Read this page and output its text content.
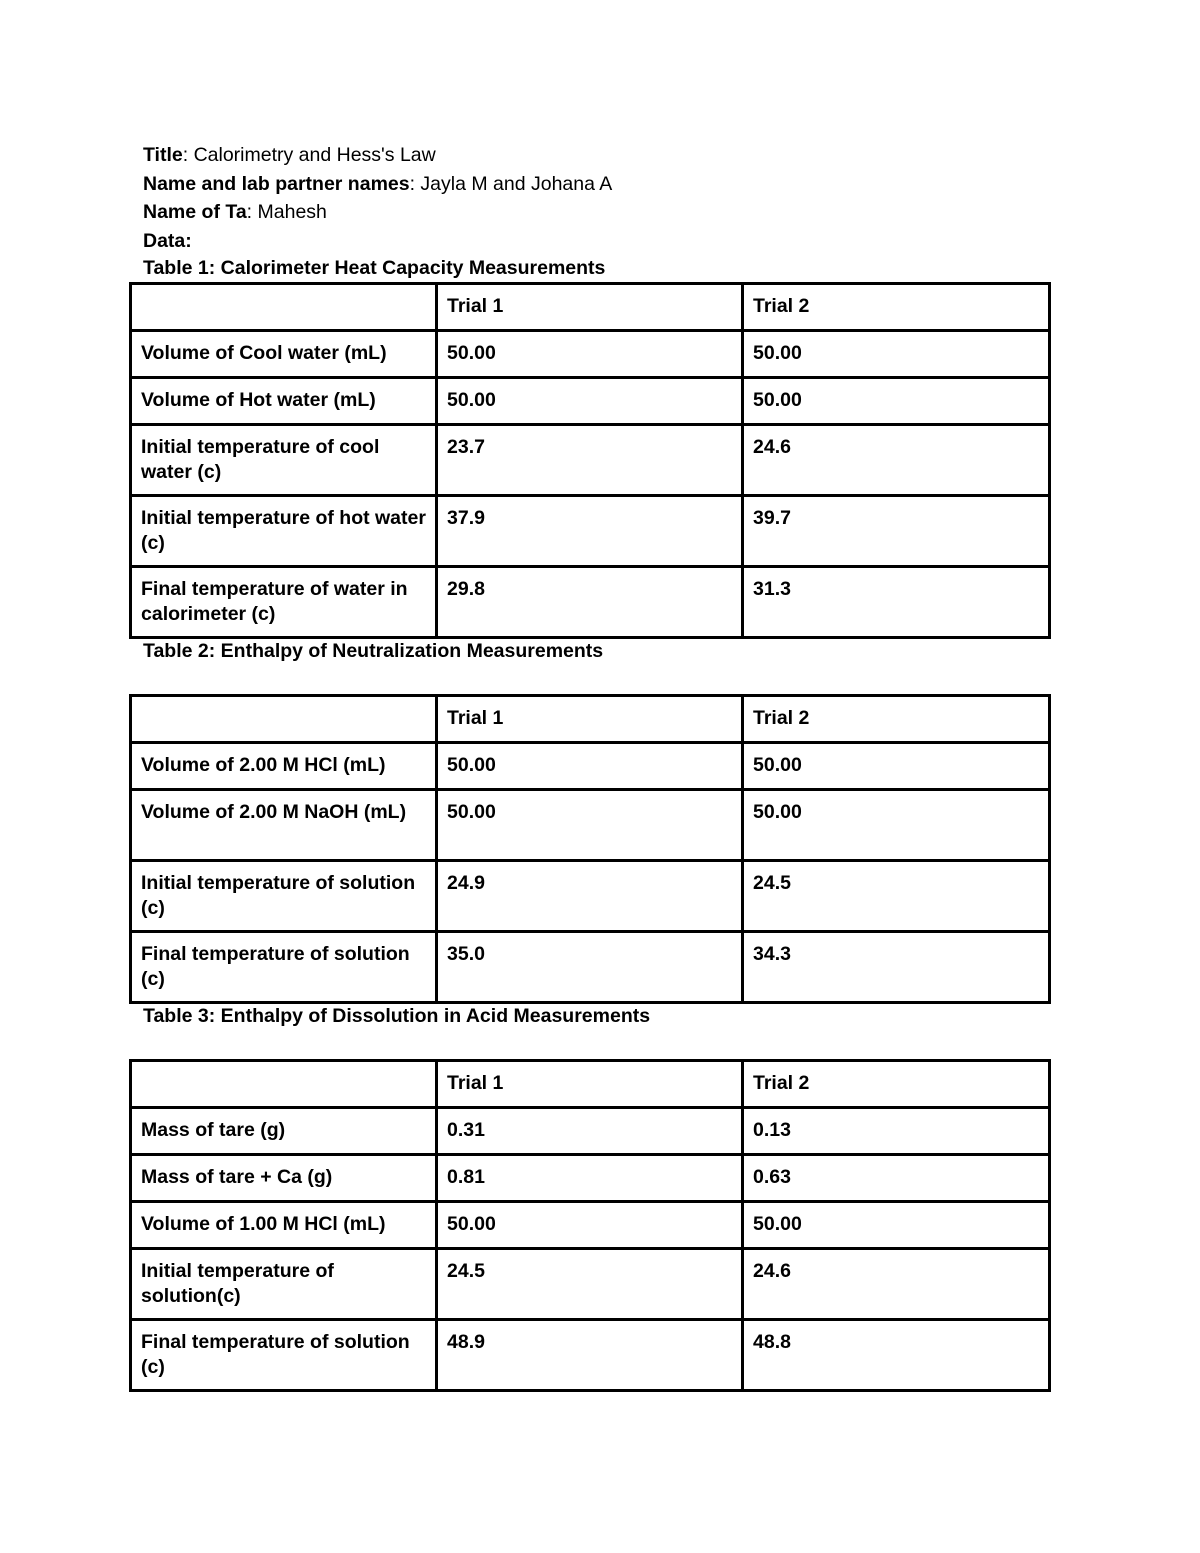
Title: Calorimetry and Hess's Law
Name and lab partner names: Jayla M and Johana A
Name of Ta: Mahesh
Data:
Table 1: Calorimeter Heat Capacity Measurements
	Trial 1	Trial 2
Volume of Cool water (mL)	50.00	50.00
Volume of Hot water (mL)	50.00	50.00
Initial temperature of cool water (c)	23.7	24.6
Initial temperature of hot water (c)	37.9	39.7
Final temperature of water in calorimeter (c)	29.8	31.3
Table 2: Enthalpy of Neutralization Measurements
	Trial 1	Trial 2
Volume of 2.00 M HCl (mL)	50.00	50.00
Volume of 2.00 M NaOH (mL)	50.00	50.00
Initial temperature of solution (c)	24.9	24.5
Final temperature of solution (c)	35.0	34.3
Table 3: Enthalpy of Dissolution in Acid Measurements
	Trial 1	Trial 2
Mass of tare (g)	0.31	0.13
Mass of tare + Ca (g)	0.81	0.63
Volume of 1.00 M HCl (mL)	50.00	50.00
Initial temperature of solution(c)	24.5	24.6
Final temperature of solution (c)	48.9	48.8
